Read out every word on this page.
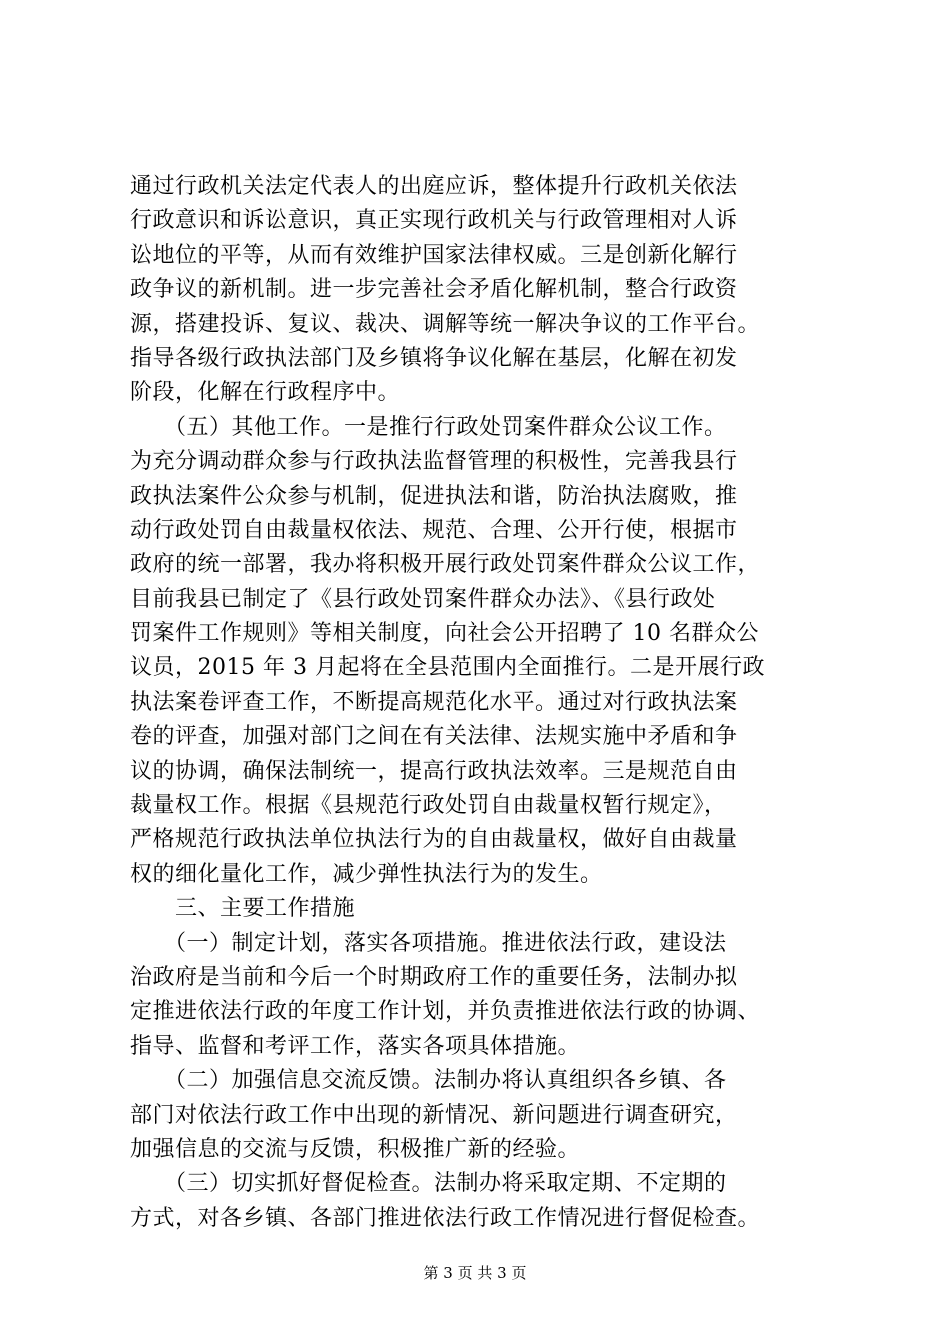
通过行政机关法定代表人的出庭应诉，整体提升行政机关依法
行政意识和诉讼意识，真正实现行政机关与行政管理相对人诉
讼地位的平等，从而有效维护国家法律权威。三是创新化解行
政争议的新机制。进一步完善社会矛盾化解机制，整合行政资
源，搭建投诉、复议、裁决、调解等统一解决争议的工作平台。
指导各级行政执法部门及乡镇将争议化解在基层，化解在初发
阶段，化解在行政程序中。
　　（五）其他工作。一是推行行政处罚案件群众公议工作。
为充分调动群众参与行政执法监督管理的积极性，完善我县行
政执法案件公众参与机制，促进执法和谐，防治执法腐败，推
动行政处罚自由裁量权依法、规范、合理、公开行使，根据市
政府的统一部署，我办将积极开展行政处罚案件群众公议工作，
目前我县已制定了《县行政处罚案件群众办法》、《县行政处
罚案件工作规则》等相关制度，向社会公开招聘了 10 名群众公
议员，2015 年 3 月起将在全县范围内全面推行。二是开展行政
执法案卷评查工作，不断提高规范化水平。通过对行政执法案
卷的评查，加强对部门之间在有关法律、法规实施中矛盾和争
议的协调，确保法制统一，提高行政执法效率。三是规范自由
裁量权工作。根据《县规范行政处罚自由裁量权暂行规定》，
严格规范行政执法单位执法行为的自由裁量权，做好自由裁量
权的细化量化工作，减少弹性执法行为的发生。
　　三、主要工作措施
　　（一）制定计划，落实各项措施。推进依法行政，建设法
治政府是当前和今后一个时期政府工作的重要任务，法制办拟
定推进依法行政的年度工作计划，并负责推进依法行政的协调、
指导、监督和考评工作，落实各项具体措施。
　　（二）加强信息交流反馈。法制办将认真组织各乡镇、各
部门对依法行政工作中出现的新情况、新问题进行调查研究，
加强信息的交流与反馈，积极推广新的经验。
　　（三）切实抓好督促检查。法制办将采取定期、不定期的
方式，对各乡镇、各部门推进依法行政工作情况进行督促检查。
第 3 页 共 3 页
